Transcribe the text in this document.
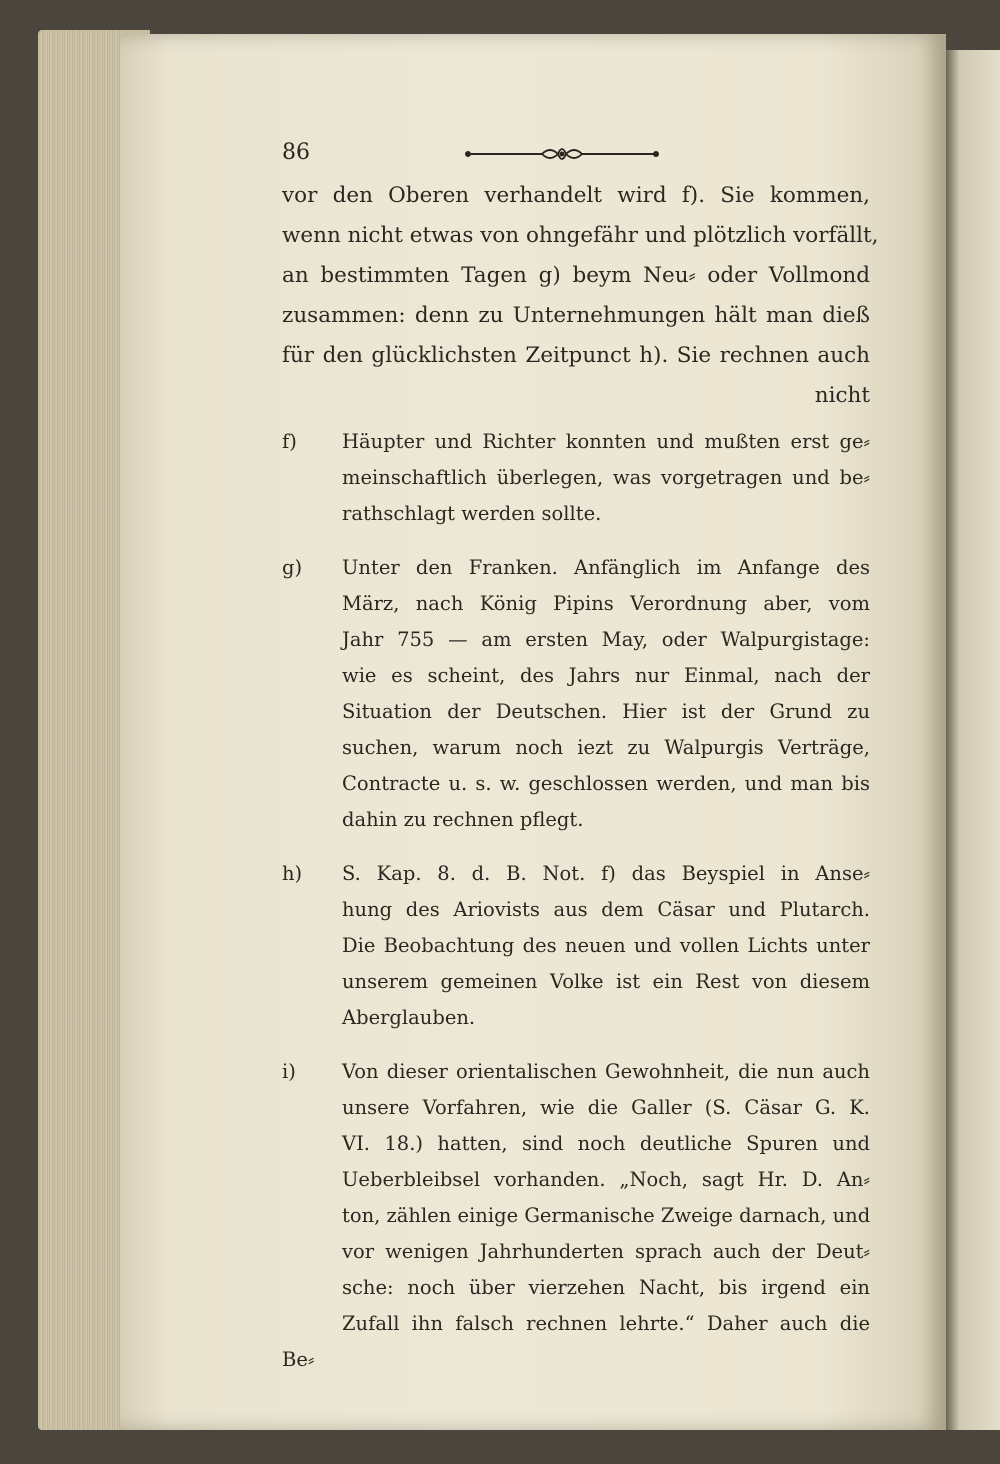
86
vor den Oberen verhandelt wird f). Sie kommen,
wenn nicht etwas von ohngefähr und plötzlich vorfällt,
an bestimmten Tagen g) beym Neu⸗ oder Vollmond
zusammen: denn zu Unternehmungen hält man dieß
für den glücklichsten Zeitpunct h). Sie rechnen auch
nicht
f)	Häupter und Richter konnten und mußten erst ge⸗
meinschaftlich überlegen, was vorgetragen und be⸗
rathschlagt werden sollte.
g)	Unter den Franken. Anfänglich im Anfange des
März, nach König Pipins Verordnung aber, vom
Jahr 755 — am ersten May, oder Walpurgistage:
wie es scheint, des Jahrs nur Einmal, nach der
Situation der Deutschen. Hier ist der Grund zu
suchen, warum noch iezt zu Walpurgis Verträge,
Contracte u. s. w. geschlossen werden, und man bis
dahin zu rechnen pflegt.
h)	S. Kap. 8. d. B. Not. f) das Beyspiel in Anse⸗
hung des Ariovists aus dem Cäsar und Plutarch.
Die Beobachtung des neuen und vollen Lichts unter
unserem gemeinen Volke ist ein Rest von diesem
Aberglauben.
i)	Von dieser orientalischen Gewohnheit, die nun auch
unsere Vorfahren, wie die Galler (S. Cäsar G. K.
VI. 18.) hatten, sind noch deutliche Spuren und
Ueberbleibsel vorhanden. „Noch, sagt Hr. D. An⸗
ton, zählen einige Germanische Zweige darnach, und
vor wenigen Jahrhunderten sprach auch der Deut⸗
sche: noch über vierzehen Nacht, bis irgend ein
Zufall ihn falsch rechnen lehrte.“ Daher auch die
Be⸗
